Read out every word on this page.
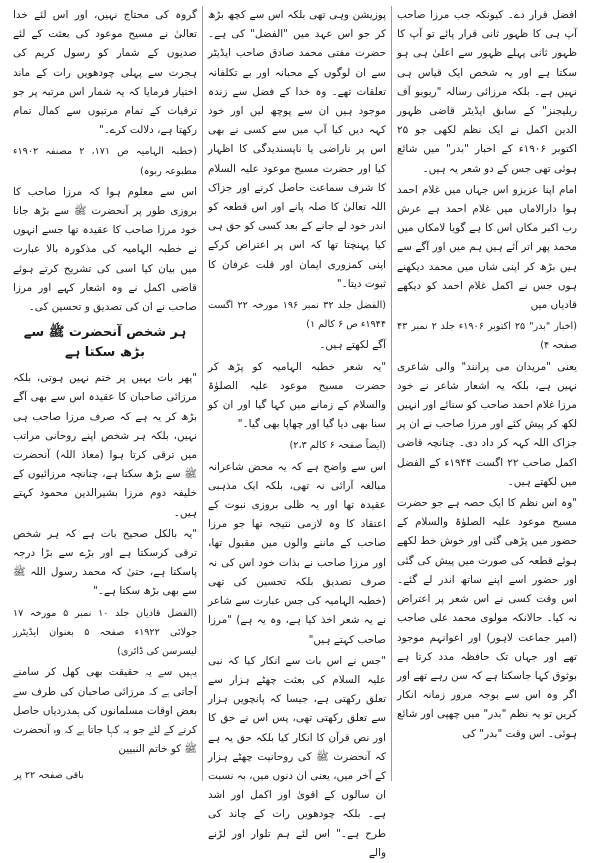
افضل قرار دے۔ کیونکہ جب مرزا صاحب آپ ہی کا ظہور ثانی قرار پائے تو آپ کا ظہور ثانی پہلے ظہور سے اعلیٰ ہی ہو سکتا ہے اور یہ شخص ایک قیاس ہی نہیں ہے۔ بلکہ مرزائی رسالہ "ریویو آف ریلیجنز" کے سابق ایڈیٹر قاضی ظہور الدین اکمل نے ایک نظم لکھی جو ۲۵ اکتوبر ۱۹۰۶ء کے اخبار "بدر" میں شائع ہوئی تھی جس کے دو شعر یہ ہیں۔

امام اپنا عزیزو اس جہاں میں غلام احمد ہوا دارالاماں میں غلام احمد ہے عرش رب اکبر مکاں اس کا ہے گویا لامکاں میں محمد پھر اتر آئے ہیں ہم میں اور آگے سے ہیں بڑھ کر اپنی شاں میں محمد دیکھنے ہوں جس نے اکمل غلام احمد کو دیکھے قادیاں میں

(اخبار "بدر" ۲۵ اکتوبر ۱۹۰۶ء جلد ۲ نمبر ۴۳ صفحہ ۴)

یعنی "مریدان می پرانند" والی شاعری نہیں ہے، بلکہ یہ اشعار شاعر نے خود مرزا غلام احمد صاحب کو سنائے اور انہیں لکھ کر پیش کئے اور مرزا صاحب نے ان پر جزاک اللہ کہہ کر داد دی۔ چنانچہ قاضی اکمل صاحب ۲۲ اگست ۱۹۴۴ء کے الفضل میں لکھتے ہیں۔

"وہ اس نظم کا ایک حصہ ہے جو حضرت مسیح موعود علیہ الصلوٰۃ والسلام کے حضور میں پڑھی گئی اور خوش خط لکھے ہوئے قطعہ کی صورت میں پیش کی گئی اور حضور اسے اپنے ساتھ اندر لے گئے۔ اس وقت کسی نے اس شعر پر اعتراض نہ کیا۔ حالانکہ مولوی محمد علی صاحب (امیر جماعت لاہور) اور اعوانہم موجود تھے اور جہاں تک حافظہ مدد کرتا ہے بوثوق کہا جاسکتا ہے کہ سن رہے تھے اور اگر وہ اس سے بوجہ مرور زمانہ انکار کریں تو یہ نظم "بدر" میں چھپی اور شائع ہوئی۔ اس وقت "بدر" کی

پوزیشن وہی تھی بلکہ اس سے کچھ بڑھ کر جو اس عہد میں "الفضل" کی ہے۔ حضرت مفتی محمد صادق صاحب ایڈیٹر سے ان لوگوں کے محبانہ اور بے تکلفانہ تعلقات تھے۔ وہ خدا کے فضل سے زندہ موجود ہیں ان سے پوچھ لیں اور خود کہہ دیں کیا آپ میں سے کسی نے بھی اس پر ناراضی یا ناپسندیدگی کا اظہار کیا اور حضرت مسیح موعود علیہ السلام کا شرف سماعت حاصل کرنے اور جزاک اللہ تعالیٰ کا صلہ پانے اور اس قطعہ کو اندر خود لے جانے کے بعد کسی کو حق ہی کیا پہنچتا تھا کہ اس پر اعتراض کرکے اپنی کمزوری ایمان اور قلت عرفان کا ثبوت دیتا۔"

(الفضل جلد ۳۲ نمبر ۱۹۶ مورخہ ۲۲ اگست ۱۹۴۴ء ص ۶ کالم ۱)

آگے لکھتے ہیں۔

"یہ شعر خطبہ الہامیہ کو پڑھ کر حضرت مسیح موعود علیہ الصلوٰۃ والسلام کے زمانے میں کہا گیا اور ان کو سنا بھی دیا گیا اور چھاپا بھی گیا۔"

(ایضاً صفحہ ۶ کالم ۲،۳)

اس سے واضح ہے کہ یہ محض شاعرانہ مبالغہ آرائی نہ تھی، بلکہ ایک مذہبی عقیدہ تھا اور یہ ظلی بروزی نبوت کے اعتقاد کا وہ لازمی نتیجہ تھا جو مرزا صاحب کے ماننے والوں میں مقبول تھا، اور مرزا صاحب نے بذات خود اس کی نہ صرف تصدیق بلکہ تحسین کی تھی (خطبہ الہامیہ کی جس عبارت سے شاعر نے یہ شعر اخذ کیا ہے، وہ یہ ہے) "مرزا صاحب کہتے ہیں"

"جس نے اس بات سے انکار کیا کہ نبی علیہ السلام کی بعثت چھٹے ہزار سے تعلق رکھتی ہے، جیسا کہ پانچویں ہزار سے تعلق رکھتی تھی، پس اس نے حق کا اور نص قرآن کا انکار کیا بلکہ حق یہ ہے کہ آنحضرت ﷺ کی روحانیت چھٹے ہزار کے آخر میں، یعنی ان دنوں میں، بہ نسبت ان سالوں کے اقویٰ اور اکمل اور اشد ہے۔ بلکہ چودھویں رات کے چاند کی طرح ہے۔" اس لئے ہم تلوار اور لڑنے والے

گروہ کی محتاج نہیں، اور اس لئے خدا تعالیٰ نے مسیح موعود کی بعثت کے لئے صدیوں کے شمار کو رسول کریم کی ہجرت سے پہلی چودھویں رات کے ماند اختیار فرمایا کہ یہ شمار اس مرتبہ پر جو ترقیات کے تمام مرتبوں سے کمال تمام رکھتا ہے، دلالت کرے۔"

(خطبہ الہامیہ ص ۱۷۱، ۲ مصنفہ ۱۹۰۲ء مطبوعہ ربوہ)

اس سے معلوم ہوا کہ مرزا صاحب کا بروزی طور پر آنحضرت ﷺ سے بڑھ جانا خود مرزا صاحب کا عقیدہ تھا جسے انہوں نے خطبہ الہامیہ کی مذکورہ بالا عبارت میں بیان کیا اسی کی تشریح کرتے ہوئے قاضی اکمل نے وہ اشعار کہے اور مرزا صاحب نے ان کی تصدیق و تحسین کی۔

ہر شخص آنحضرت ﷺ سے بڑھ سکتا ہے

"پھر بات یہیں پر ختم نہیں ہوتی، بلکہ مرزائی صاحبان کا عقیدہ اس سے بھی آگے بڑھ کر یہ ہے کہ صرف مرزا صاحب ہی نہیں، بلکہ ہر شخص اپنے روحانی مراتب میں ترقی کرتا ہوا (معاذ اللہ) آنحضرت ﷺ سے بڑھ سکتا ہے، چنانچہ مرزائیوں کے خلیفہ دوم مرزا بشیرالدین محمود کہتے ہیں۔

"یہ بالکل صحیح بات ہے کہ ہر شخص ترقی کرسکتا ہے اور بڑے سے بڑا درجہ پاسکتا ہے، حتیٰ کہ محمد رسول اللہ ﷺ سے بھی بڑھ سکتا ہے۔"

(الفضل قادیان جلد ۱۰ نمبر ۵ مورخہ ۱۷ جولائی ۱۹۲۲ء صفحہ ۵ بعنوان ایڈیٹرز لیسرسن کی ڈائری)

یہیں سے یہ حقیقت بھی کھل کر سامنے آجاتی ہے کہ مرزائی صاحبان کی طرف سے بعض اوقات مسلمانوں کی ہمدردیاں حاصل کرنے کے لئے جو یہ کہا جاتا ہے کہ وہ آنحضرت ﷺ کو خاتم النبیین

باقی صفحہ ۲۲ پر
